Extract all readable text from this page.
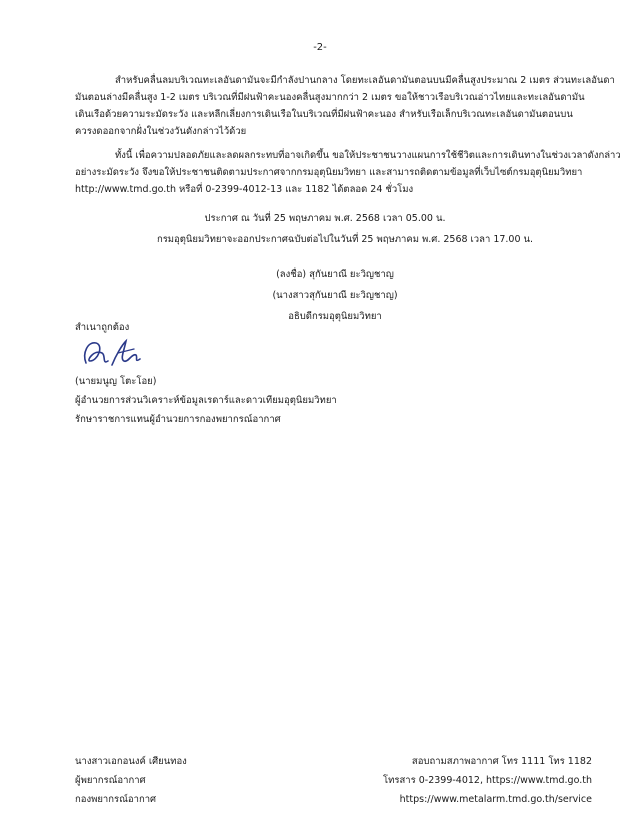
-2-
สำหรับคลื่นลมบริเวณทะเลอันดามันจะมีกำลังปานกลาง โดยทะเลอันดามันตอนบนมีคลื่นสูงประมาณ 2 เมตร ส่วนทะเลอันดา
มันตอนล่างมีคลื่นสูง 1-2 เมตร บริเวณที่มีฝนฟ้าคะนองคลื่นสูงมากกว่า 2 เมตร ขอให้ชาวเรือบริเวณอ่าวไทยและทะเลอันดามัน
เดินเรือด้วยความระมัดระวัง และหลีกเลี่ยงการเดินเรือในบริเวณที่มีฝนฟ้าคะนอง สำหรับเรือเล็กบริเวณทะเลอันดามันตอนบน
ควรงดออกจากฝั่งในช่วงวันดังกล่าวไว้ด้วย
ทั้งนี้ เพื่อความปลอดภัยและลดผลกระทบที่อาจเกิดขึ้น ขอให้ประชาชนวางแผนการใช้ชีวิตและการเดินทางในช่วงเวลาดังกล่าว
อย่างระมัดระวัง จึงขอให้ประชาชนติดตามประกาศจากกรมอุตุนิยมวิทยา และสามารถติดตามข้อมูลที่เว็บไซต์กรมอุตุนิยมวิทยา
http://www.tmd.go.th หรือที่ 0-2399-4012-13 และ 1182 ได้ตลอด 24 ชั่วโมง
ประกาศ ณ วันที่ 25 พฤษภาคม พ.ศ. 2568 เวลา 05.00 น.
กรมอุตุนิยมวิทยาจะออกประกาศฉบับต่อไปในวันที่ 25 พฤษภาคม พ.ศ. 2568 เวลา 17.00 น.
(ลงชื่อ) สุกันยาณี ยะวิญชาญ
(นางสาวสุกันยาณี ยะวิญชาญ)
อธิบดีกรมอุตุนิยมวิทยา
สำเนาถูกต้อง
(นายมนูญ โตะโอย)
ผู้อำนวยการส่วนวิเคราะห์ข้อมูลเรดาร์และดาวเทียมอุตุนิยมวิทยา
รักษาราชการแทนผู้อำนวยการกองพยากรณ์อากาศ
นางสาวเอกอนงค์ เศียนทอง
ผู้พยากรณ์อากาศ
กองพยากรณ์อากาศ
สอบถามสภาพอากาศ โทร 1111 โทร 1182
โทรสาร 0-2399-4012, https://www.tmd.go.th
https://www.metalarm.tmd.go.th/service
